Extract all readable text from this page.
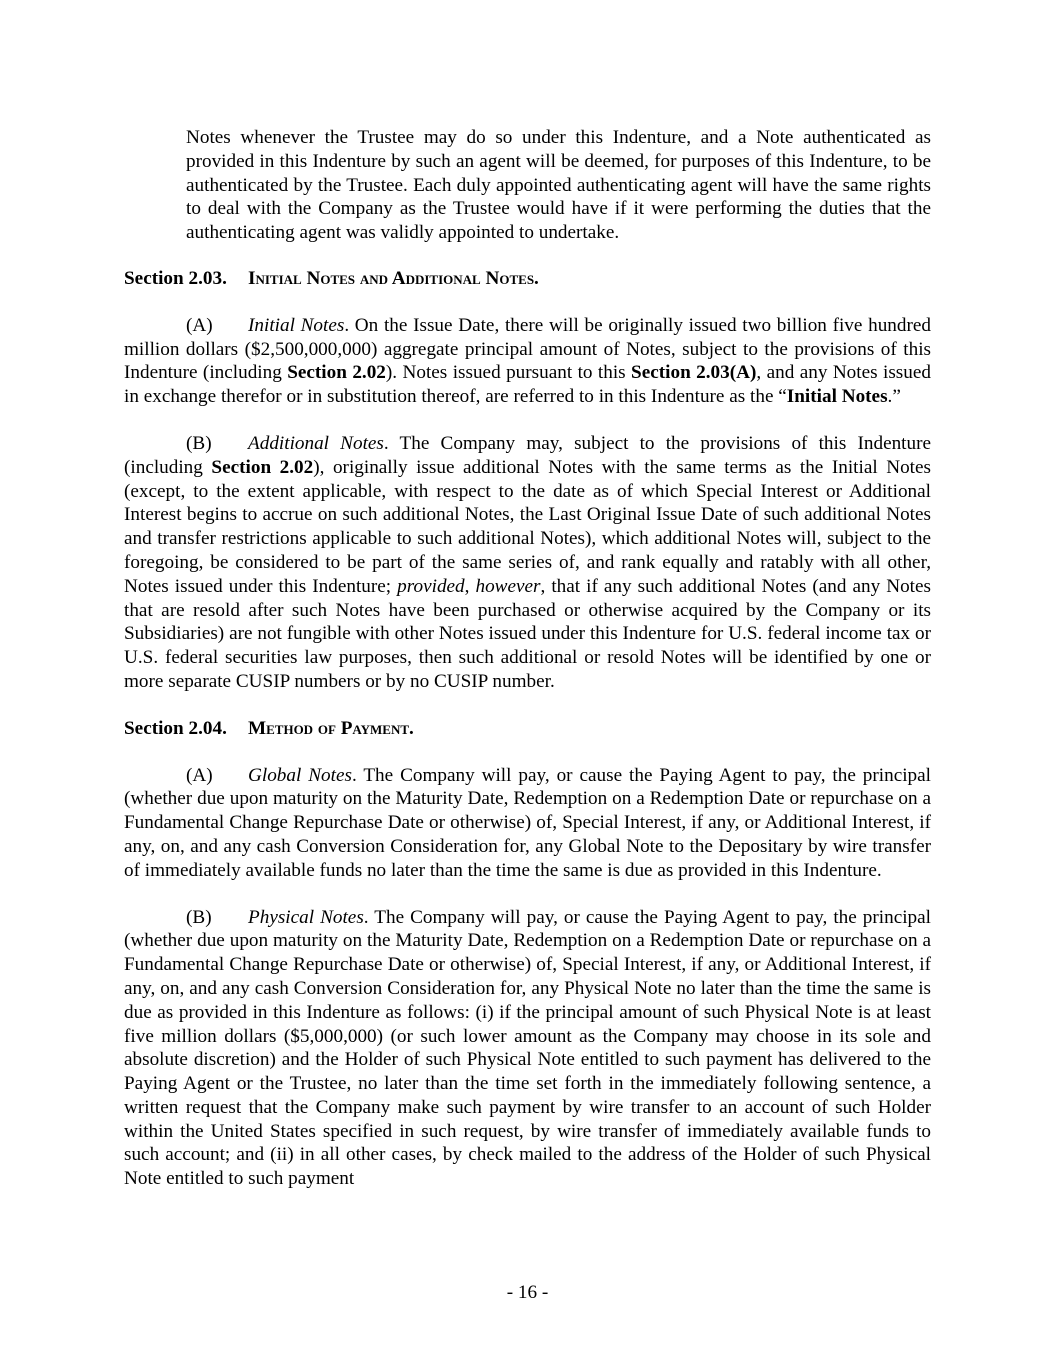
Notes whenever the Trustee may do so under this Indenture, and a Note authenticated as provided in this Indenture by such an agent will be deemed, for purposes of this Indenture, to be authenticated by the Trustee. Each duly appointed authenticating agent will have the same rights to deal with the Company as the Trustee would have if it were performing the duties that the authenticating agent was validly appointed to undertake.

Section 2.03. Initial Notes and Additional Notes.

(A) Initial Notes. On the Issue Date, there will be originally issued two billion five hundred million dollars ($2,500,000,000) aggregate principal amount of Notes, subject to the provisions of this Indenture (including Section 2.02). Notes issued pursuant to this Section 2.03(A), and any Notes issued in exchange therefor or in substitution thereof, are referred to in this Indenture as the “Initial Notes.”

(B) Additional Notes. The Company may, subject to the provisions of this Indenture (including Section 2.02), originally issue additional Notes with the same terms as the Initial Notes (except, to the extent applicable, with respect to the date as of which Special Interest or Additional Interest begins to accrue on such additional Notes, the Last Original Issue Date of such additional Notes and transfer restrictions applicable to such additional Notes), which additional Notes will, subject to the foregoing, be considered to be part of the same series of, and rank equally and ratably with all other, Notes issued under this Indenture; provided, however, that if any such additional Notes (and any Notes that are resold after such Notes have been purchased or otherwise acquired by the Company or its Subsidiaries) are not fungible with other Notes issued under this Indenture for U.S. federal income tax or U.S. federal securities law purposes, then such additional or resold Notes will be identified by one or more separate CUSIP numbers or by no CUSIP number.

Section 2.04. Method of Payment.

(A) Global Notes. The Company will pay, or cause the Paying Agent to pay, the principal (whether due upon maturity on the Maturity Date, Redemption on a Redemption Date or repurchase on a Fundamental Change Repurchase Date or otherwise) of, Special Interest, if any, or Additional Interest, if any, on, and any cash Conversion Consideration for, any Global Note to the Depositary by wire transfer of immediately available funds no later than the time the same is due as provided in this Indenture.

(B) Physical Notes. The Company will pay, or cause the Paying Agent to pay, the principal (whether due upon maturity on the Maturity Date, Redemption on a Redemption Date or repurchase on a Fundamental Change Repurchase Date or otherwise) of, Special Interest, if any, or Additional Interest, if any, on, and any cash Conversion Consideration for, any Physical Note no later than the time the same is due as provided in this Indenture as follows: (i) if the principal amount of such Physical Note is at least five million dollars ($5,000,000) (or such lower amount as the Company may choose in its sole and absolute discretion) and the Holder of such Physical Note entitled to such payment has delivered to the Paying Agent or the Trustee, no later than the time set forth in the immediately following sentence, a written request that the Company make such payment by wire transfer to an account of such Holder within the United States specified in such request, by wire transfer of immediately available funds to such account; and (ii) in all other cases, by check mailed to the address of the Holder of such Physical Note entitled to such payment

- 16 -
